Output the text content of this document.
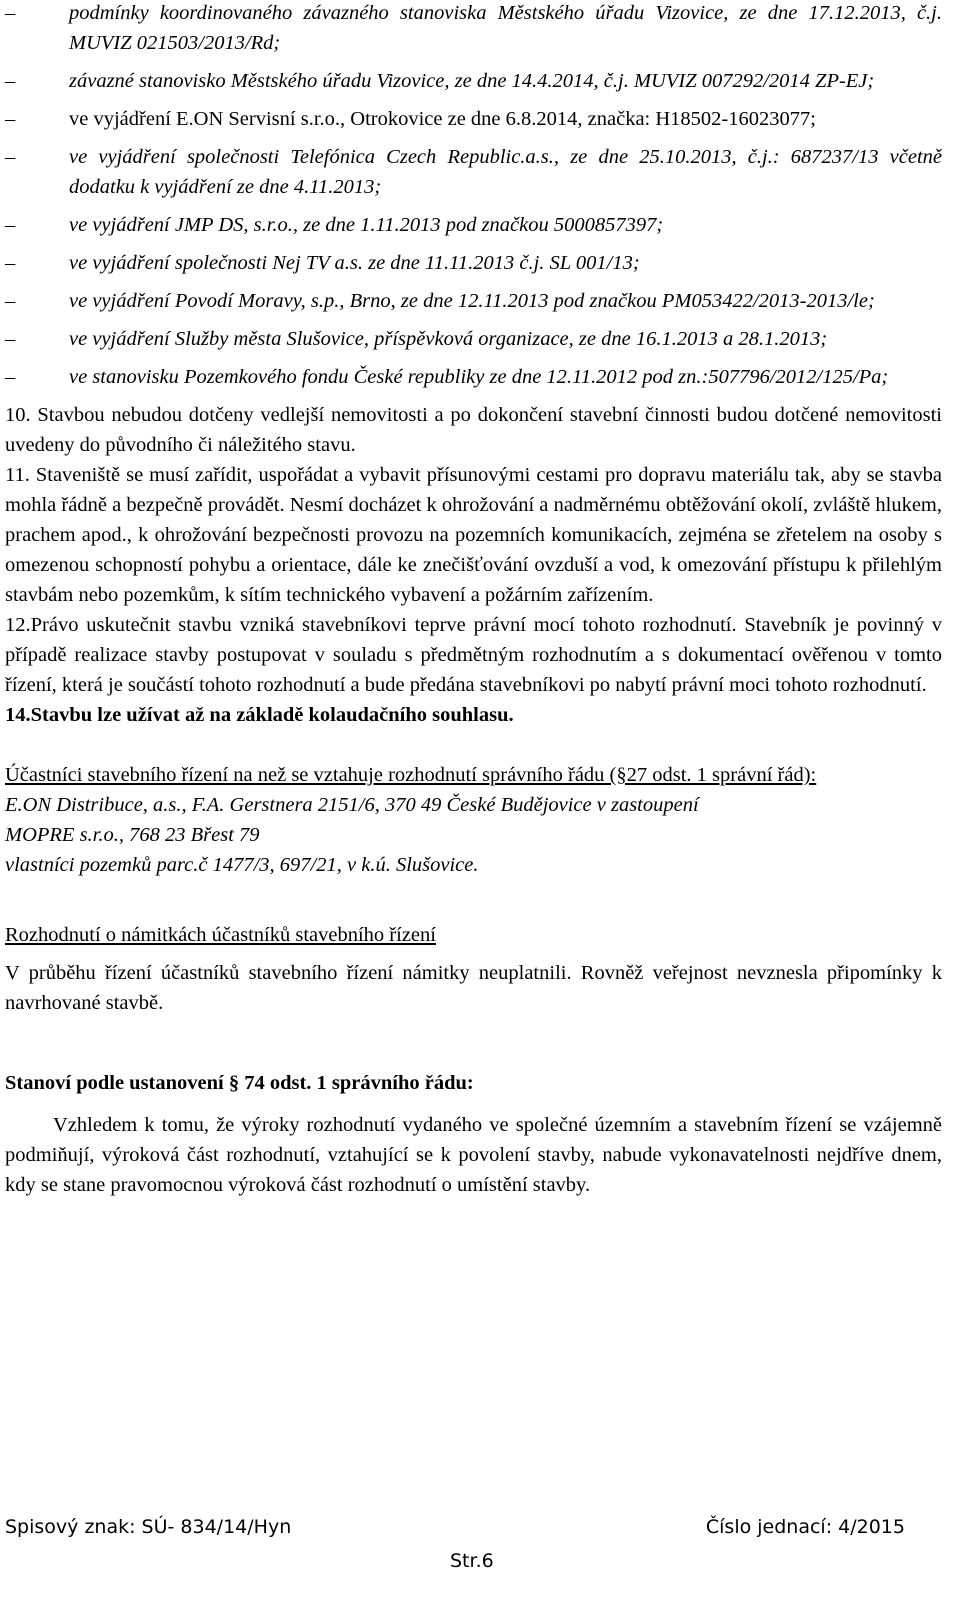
–	podmínky koordinovaného závazného stanoviska Městského úřadu Vizovice, ze dne 17.12.2013, č.j. MUVIZ 021503/2013/Rd;
–	závazné stanovisko Městského úřadu Vizovice, ze dne 14.4.2014, č.j. MUVIZ 007292/2014 ZP-EJ;
–	ve vyjádření E.ON Servisní s.r.o., Otrokovice ze dne 6.8.2014, značka: H18502-16023077;
–	ve vyjádření společnosti Telefónica Czech Republic.a.s., ze dne 25.10.2013, č.j.: 687237/13 včetně dodatku k vyjádření ze dne 4.11.2013;
–	ve vyjádření JMP DS, s.r.o., ze dne 1.11.2013 pod značkou 5000857397;
–	ve vyjádření společnosti Nej TV a.s. ze dne 11.11.2013 č.j. SL 001/13;
–	ve vyjádření Povodí Moravy, s.p., Brno, ze dne 12.11.2013 pod značkou PM053422/2013-2013/le;
–	ve vyjádření Služby města Slušovice, příspěvková organizace, ze dne 16.1.2013 a 28.1.2013;
–	ve stanovisku Pozemkového fondu České republiky ze dne 12.11.2012 pod zn.:507796/2012/125/Pa;

10. Stavbou nebudou dotčeny vedlejší nemovitosti a po dokončení stavební činnosti budou dotčené nemovitosti uvedeny do původního či náležitého stavu.

11. Staveniště se musí zařídit, uspořádat a vybavit přísunovými cestami pro dopravu materiálu tak, aby se stavba mohla řádně a bezpečně provádět. Nesmí docházet k ohrožování a nadměrnému obtěžování okolí, zvláště hlukem, prachem apod., k ohrožování bezpečnosti provozu na pozemních komunikacích, zejména se zřetelem na osoby s omezenou schopností pohybu a orientace, dále ke znečišťování ovzduší a vod, k omezování přístupu k přilehlým stavbám nebo pozemkům, k sítím technického vybavení a požárním zařízením.

12.Právo uskutečnit stavbu vzniká stavebníkovi teprve právní mocí tohoto rozhodnutí. Stavebník je povinný v případě realizace stavby postupovat v souladu s předmětným rozhodnutím a s dokumentací ověřenou v tomto řízení, která je součástí tohoto rozhodnutí a bude předána stavebníkovi po nabytí právní moci tohoto rozhodnutí.

14.Stavbu lze užívat až na základě kolaudačního souhlasu.

Účastníci stavebního řízení na než se vztahuje rozhodnutí správního řádu (§27 odst. 1 správní řád):

E.ON Distribuce, a.s., F.A. Gerstnera 2151/6, 370 49 České Budějovice v zastoupení

MOPRE s.r.o., 768 23 Břest 79

vlastníci pozemků parc.č 1477/3, 697/21, v k.ú. Slušovice.

Rozhodnutí o námitkách účastníků stavebního řízení

V průběhu řízení účastníků stavebního řízení námitky neuplatnili. Rovněž veřejnost nevznesla připomínky k navrhované stavbě.

Stanoví podle ustanovení § 74 odst. 1 správního řádu:

Vzhledem k tomu, že výroky rozhodnutí vydaného ve společné územním a stavebním řízení se vzájemně podmiňují, výroková část rozhodnutí, vztahující se k povolení stavby, nabude vykonavatelnosti nejdříve dnem, kdy se stane pravomocnou výroková část rozhodnutí o umístění stavby.

Spisový znak: SÚ- 834/14/Hyn	Číslo jednací: 4/2015
Str.6
